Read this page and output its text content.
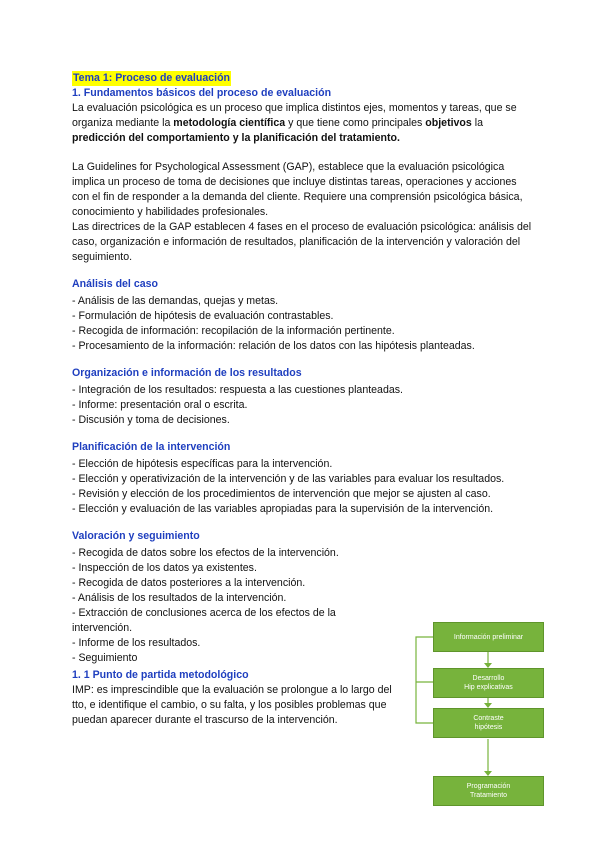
Tema 1: Proceso de evaluación
1. Fundamentos básicos del proceso de evaluación

La evaluación psicológica es un proceso que implica distintos ejes, momentos y tareas, que se organiza mediante la metodología científica y que tiene como principales objetivos la predicción del comportamiento y la planificación del tratamiento.

La Guidelines for Psychological Assessment (GAP), establece que la evaluación psicológica implica un proceso de toma de decisiones que incluye distintas tareas, operaciones y acciones con el fin de responder a la demanda del cliente. Requiere una comprensión psicológica básica, conocimiento y habilidades profesionales.

Las directrices de la GAP establecen 4 fases en el proceso de evaluación psicológica: análisis del caso, organización e información de resultados, planificación de la intervención y valoración del seguimiento.

Análisis del caso
- Análisis de las demandas, quejas y metas.
- Formulación de hipótesis de evaluación contrastables.
- Recogida de información: recopilación de la información pertinente.
- Procesamiento de la información: relación de los datos con las hipótesis planteadas.
Organización e información de los resultados
- Integración de los resultados: respuesta a las cuestiones planteadas.
- Informe: presentación oral o escrita.
- Discusión y toma de decisiones.
Planificación de la intervención
- Elección de hipótesis específicas para la intervención.
- Elección y operativización de la intervención y de las variables para evaluar los resultados.
- Revisión y elección de los procedimientos de intervención que mejor se ajusten al caso.
- Elección y evaluación de las variables apropiadas para la supervisión de la intervención.
Valoración y seguimiento
- Recogida de datos sobre los efectos de la intervención.
- Inspección de los datos ya existentes.
- Recogida de datos posteriores a la intervención.
- Análisis de los resultados de la intervención.
- Extracción de conclusiones acerca de los efectos de la intervención.
- Informe de los resultados.
- Seguimiento
1. 1 Punto de partida metodológico

IMP: es imprescindible que la evaluación se prolongue a lo largo del tto, e identifique el cambio, o su falta, y los posibles problemas que puedan aparecer durante el trascurso de la intervención.

Información preliminar
Desarrollo
Hip explicativas
Contraste
hipótesis
Programación
Tratamiento
